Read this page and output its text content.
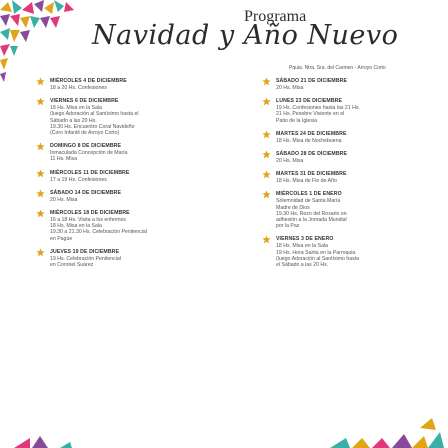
Programa
Navidad y Año Nuevo
Pquia. Ntra. Sra. del Carmen - Arroyo Corto
MIÉRCOLES 4 DE DICIEMBRE
18 a 20 Hs. Confesiones
VIERNES 6 DE DICIEMBRE
18 Hs. Misa en la Sala
(luego Adoración al Santísimo hasta el
Sábado a las 20 Hs.
19.30 Hs. Encuentro Coral Navideño
(Coro Infantil de Arroyo Corto)
DOMINGO 8 DE DICIEMBRE
Inmaculada Concepción de María
11 Hs. Misa
MIÉRCOLES 11 DE DICIEMBRE
17 a 19 Hs. Confesiones
SÁBADO 14 DE DICIEMBRE
20 Hs. Misa
MIÉRCOLES 18 DE DICIEMBRE
16 a 18 Hs. Visita a los enfermos
18 Hs. Misa en la Sala
19.30 a 21.30 Hs. Celebración Penitencial
en Pagüe
JUEVES 19 DE DICIEMBRE
19 Hs. Celebración Penitencial
en Coronel Suárez
SÁBADO 21 DE DICIEMBRE
20 Hs. Misa
LUNES 23 DE DICIEMBRE
19 Hs. Confesiones hasta las 21 Hs.
21 Hs. Pesebre Viviente en el
Patio de la Iglesia
MARTES 24 DE DICIEMBRE
18 Hs. Misa de Nochebuena
SÁBADO 28 DE DICIEMBRE
20 Hs. Misa
MARTES 31 DE DICIEMBRE
18 Hs. Misa de Fin de Año
MIÉRCOLES 1 DE ENERO
Solemnidad de Santa María
Madre de Dios
19.30 Hs. Rezo del Rosario en
adhesión a la Jornada Mundial
por la Paz
VIERNES 3 DE ENERO
18 Hs. Misa en la Sala
19 Hs. Hora Santa en la Parroquia
(luego Adoración al Santísimo hasta
el Sábado a las 20 Hs.
